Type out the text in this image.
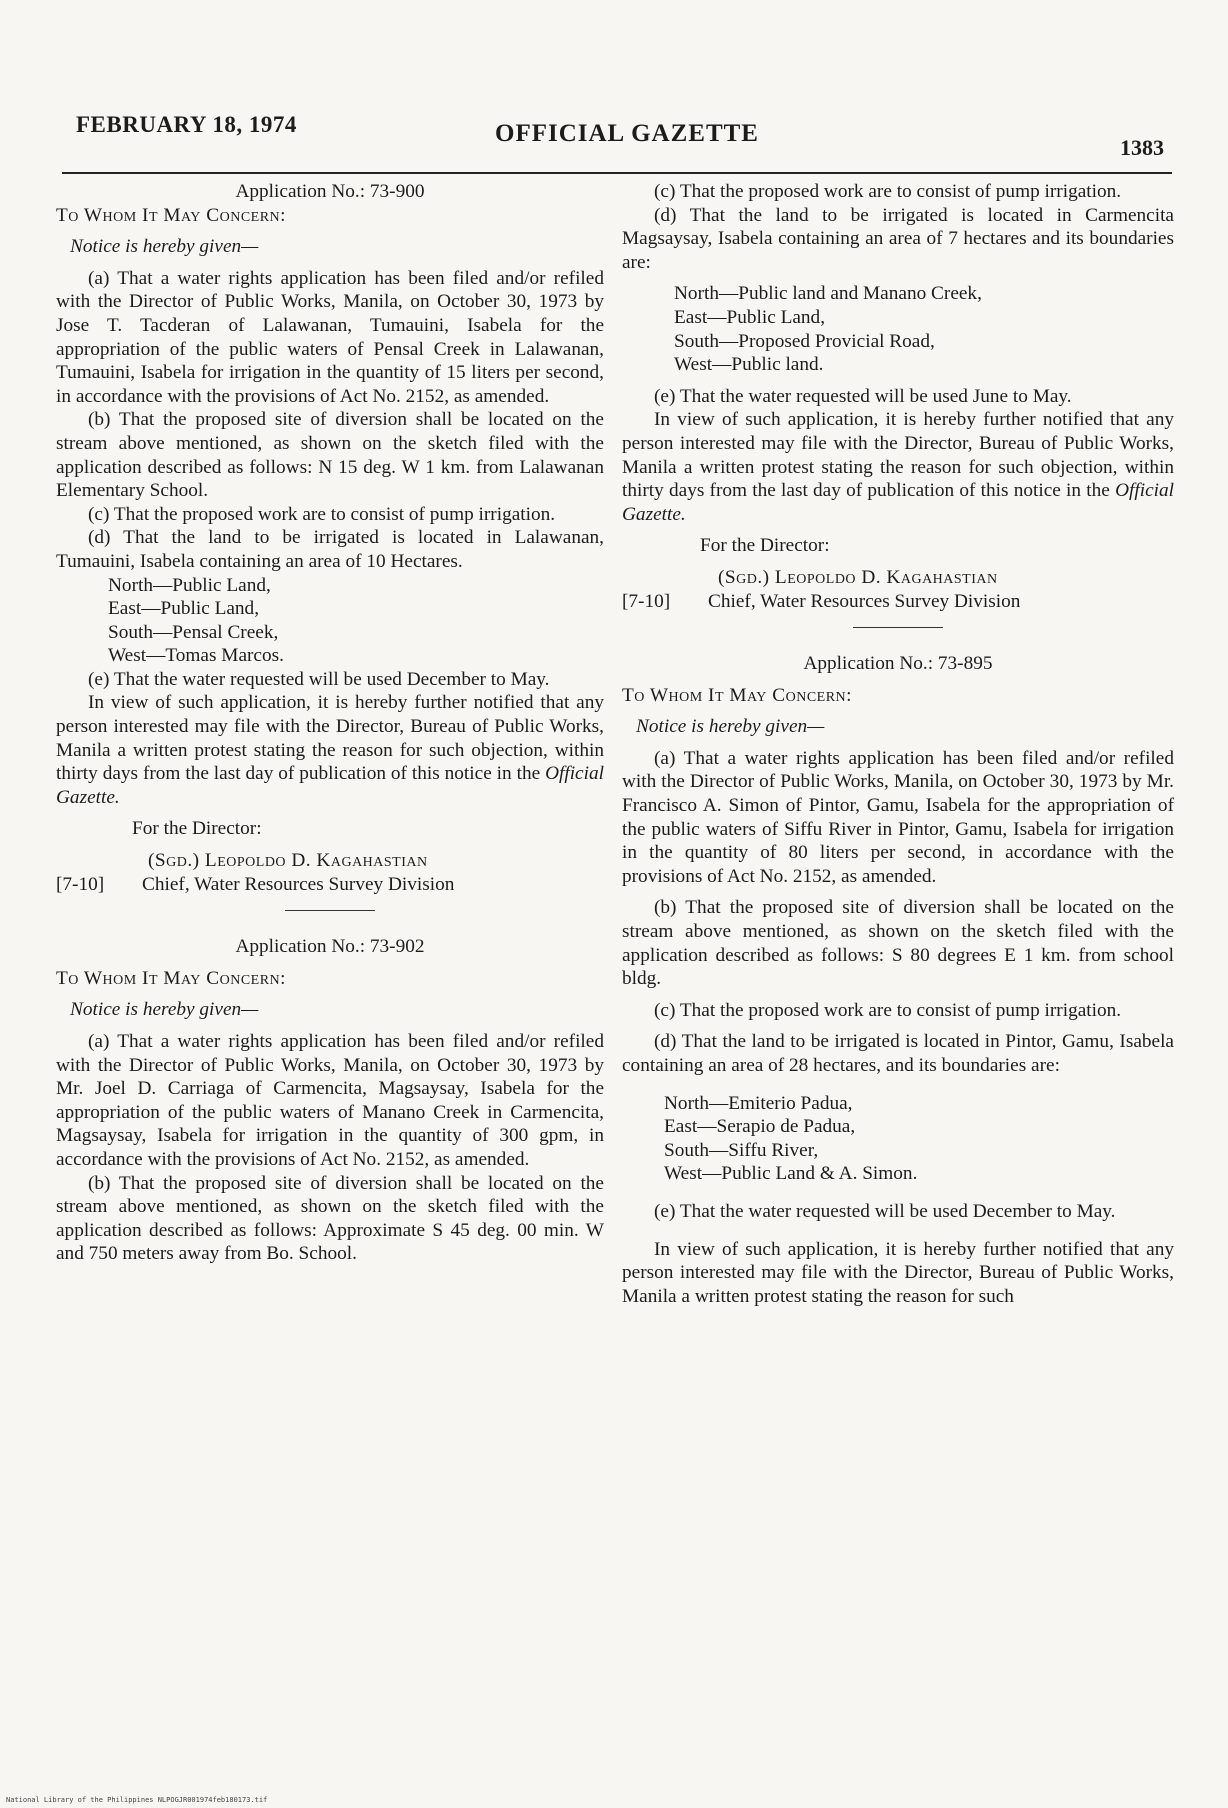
FEBRUARY 18, 1974	OFFICIAL GAZETTE
1383
Application No.: 73-900
To Whom It May Concern:
Notice is hereby given—

(a) That a water rights application has been filed and/or refiled with the Director of Public Works, Manila, on October 30, 1973 by Jose T. Tacderan of Lalawanan, Tumauini, Isabela for the appropriation of the public waters of Pensal Creek in Lalawanan, Tumauini, Isabela for irrigation in the quantity of 15 liters per second, in accordance with the provisions of Act No. 2152, as amended.

(b) That the proposed site of diversion shall be located on the stream above mentioned, as shown on the sketch filed with the application described as follows: N 15 deg. W 1 km. from Lalawanan Elementary School.

(c) That the proposed work are to consist of pump irrigation.

(d) That the land to be irrigated is located in Lalawanan, Tumauini, Isabela containing an area of 10 Hectares.

North—Public Land,
East—Public Land,
South—Pensal Creek,
West—Tomas Marcos.

(e) That the water requested will be used December to May.

In view of such application, it is hereby further notified that any person interested may file with the Director, Bureau of Public Works, Manila a written protest stating the reason for such objection, within thirty days from the last day of publication of this notice in the Official Gazette.

For the Director:
(Sgd.) Leopoldo D. Kagahastian
[7-10]	Chief, Water Resources Survey Division
Application No.: 73-902
To Whom It May Concern:
Notice is hereby given—

(a) That a water rights application has been filed and/or refiled with the Director of Public Works, Manila, on October 30, 1973 by Mr. Joel D. Carriaga of Carmencita, Magsaysay, Isabela for the appropriation of the public waters of Manano Creek in Carmencita, Magsaysay, Isabela for irrigation in the quantity of 300 gpm, in accordance with the provisions of Act No. 2152, as amended.

(b) That the proposed site of diversion shall be located on the stream above mentioned, as shown on the sketch filed with the application described as follows: Approximate S 45 deg. 00 min. W and 750 meters away from Bo. School.

(c) That the proposed work are to consist of pump irrigation.

(d) That the land to be irrigated is located in Carmencita Magsaysay, Isabela containing an area of 7 hectares and its boundaries are:

North—Public land and Manano Creek,
East—Public Land,
South—Proposed Provicial Road,
West—Public land.

(e) That the water requested will be used June to May.

In view of such application, it is hereby further notified that any person interested may file with the Director, Bureau of Public Works, Manila a written protest stating the reason for such objection, within thirty days from the last day of publication of this notice in the Official Gazette.

For the Director:
(Sgd.) Leopoldo D. Kagahastian
[7-10]	Chief, Water Resources Survey Division
Application No.: 73-895
To Whom It May Concern:
Notice is hereby given—

(a) That a water rights application has been filed and/or refiled with the Director of Public Works, Manila, on October 30, 1973 by Mr. Francisco A. Simon of Pintor, Gamu, Isabela for the appropriation of the public waters of Siffu River in Pintor, Gamu, Isabela for irrigation in the quantity of 80 liters per second, in accordance with the provisions of Act No. 2152, as amended.

(b) That the proposed site of diversion shall be located on the stream above mentioned, as shown on the sketch filed with the application described as follows: S 80 degrees E 1 km. from school bldg.

(c) That the proposed work are to consist of pump irrigation.

(d) That the land to be irrigated is located in Pintor, Gamu, Isabela containing an area of 28 hectares, and its boundaries are:

North—Emiterio Padua,
East—Serapio de Padua,
South—Siffu River,
West—Public Land & A. Simon.

(e) That the water requested will be used December to May.

In view of such application, it is hereby further notified that any person interested may file with the Director, Bureau of Public Works, Manila a written protest stating the reason for such

National Library of the Philippines NLPOGJR001974feb180173.tif
